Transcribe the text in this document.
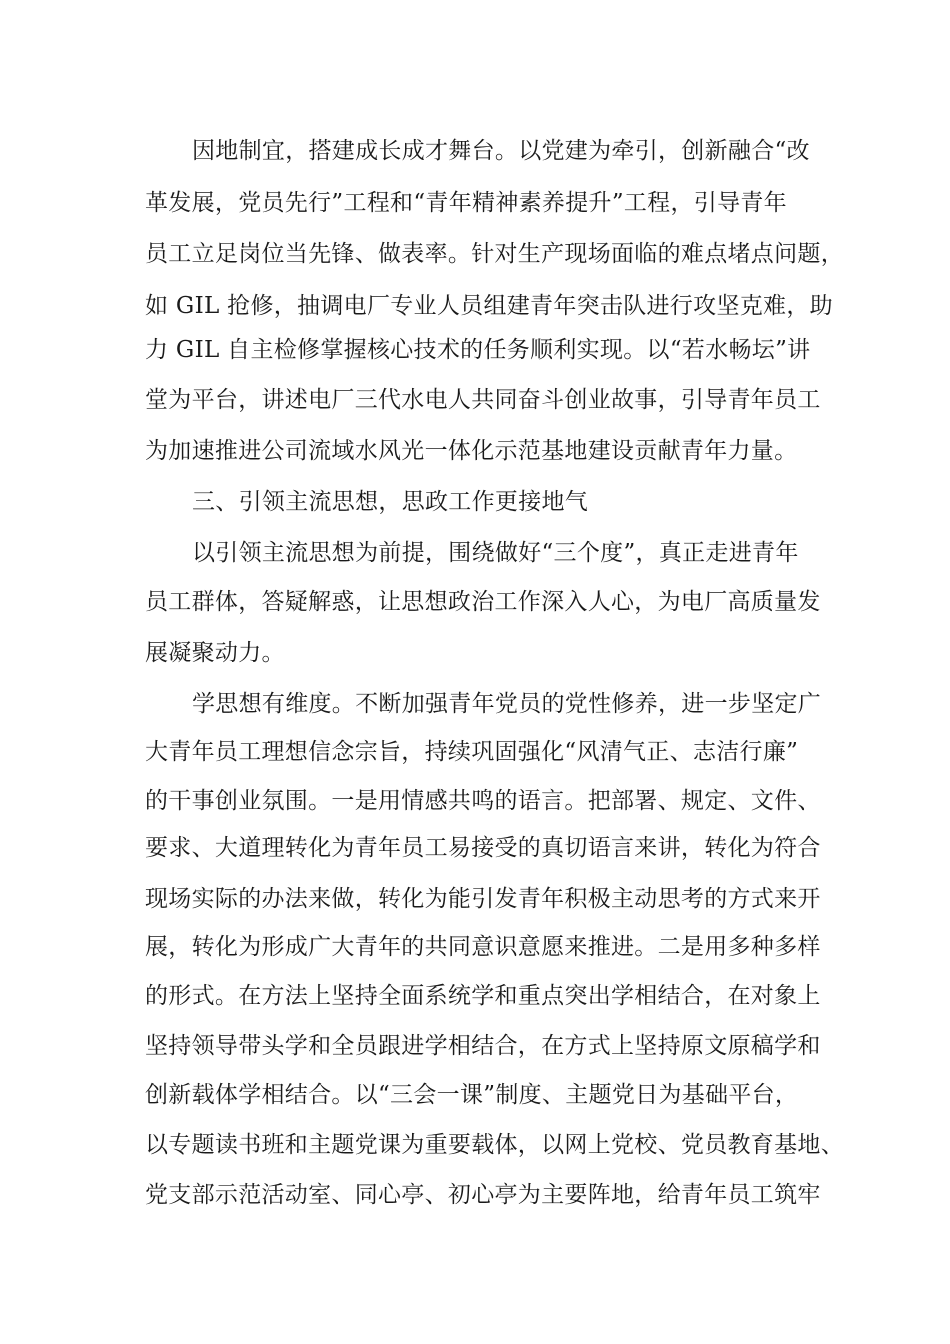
因地制宜，搭建成长成才舞台。以党建为牵引，创新融合“改
革发展，党员先行”工程和“青年精神素养提升”工程，引导青年
员工立足岗位当先锋、做表率。针对生产现场面临的难点堵点问题，
如 GIL 抢修，抽调电厂专业人员组建青年突击队进行攻坚克难，助
力 GIL 自主检修掌握核心技术的任务顺利实现。以“若水畅坛”讲
堂为平台，讲述电厂三代水电人共同奋斗创业故事，引导青年员工
为加速推进公司流域水风光一体化示范基地建设贡献青年力量。
三、引领主流思想，思政工作更接地气
以引领主流思想为前提，围绕做好“三个度”，真正走进青年
员工群体，答疑解惑，让思想政治工作深入人心，为电厂高质量发
展凝聚动力。
学思想有维度。不断加强青年党员的党性修养，进一步坚定广
大青年员工理想信念宗旨，持续巩固强化“风清气正、志洁行廉”
的干事创业氛围。一是用情感共鸣的语言。把部署、规定、文件、
要求、大道理转化为青年员工易接受的真切语言来讲，转化为符合
现场实际的办法来做，转化为能引发青年积极主动思考的方式来开
展，转化为形成广大青年的共同意识意愿来推进。二是用多种多样
的形式。在方法上坚持全面系统学和重点突出学相结合，在对象上
坚持领导带头学和全员跟进学相结合，在方式上坚持原文原稿学和
创新载体学相结合。以“三会一课”制度、主题党日为基础平台，
以专题读书班和主题党课为重要载体，以网上党校、党员教育基地、
党支部示范活动室、同心亭、初心亭为主要阵地，给青年员工筑牢
